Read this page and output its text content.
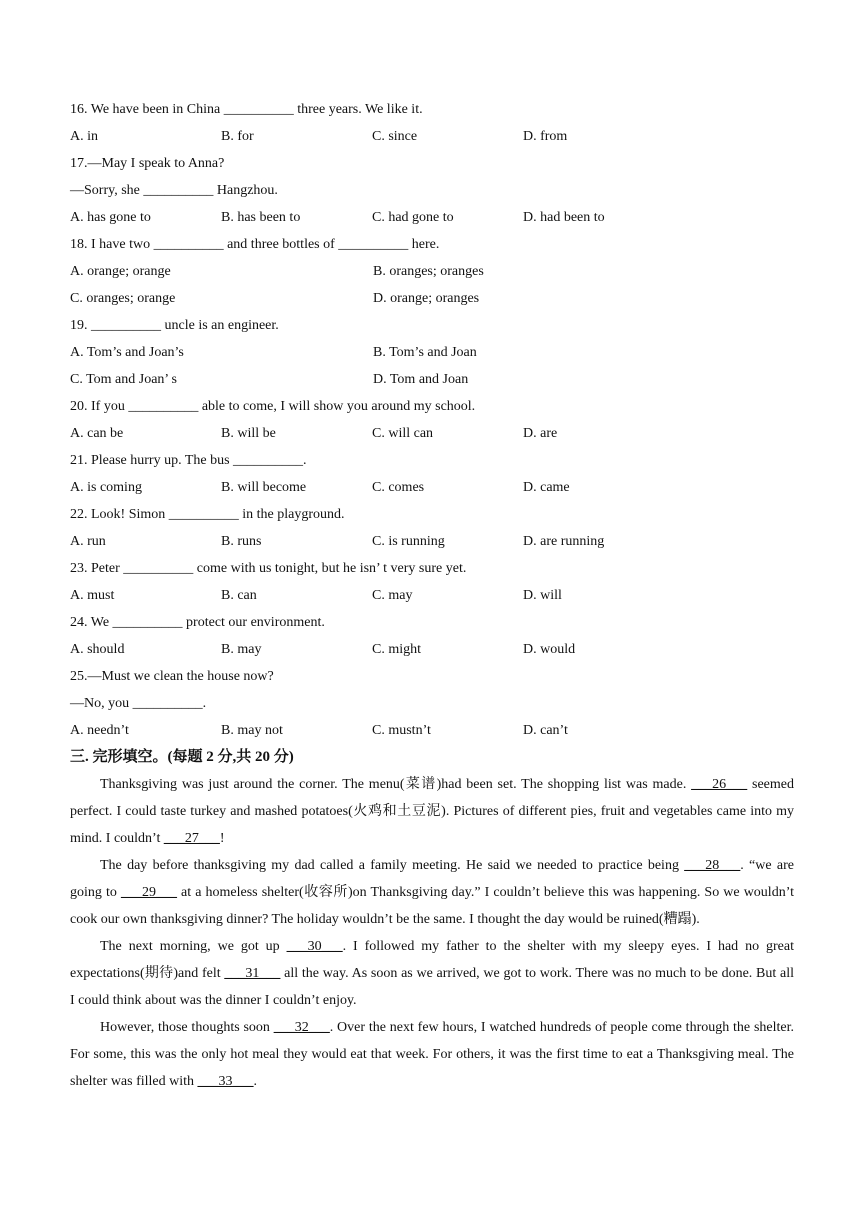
16. We have been in China __________ three years. We like it.
A. in	B. for	C. since	D. from
17.—May I speak to Anna?
—Sorry, she __________ Hangzhou.
A. has gone to	B. has been to	C. had gone to	D. had been to
18. I have two __________ and three bottles of __________ here.
A. orange; orange	B. oranges; oranges
C. oranges; orange	D. orange; oranges
19. __________ uncle is an engineer.
A. Tom’s and Joan’s	B. Tom’s and Joan
C. Tom and Joan’ s	D. Tom and Joan
20. If you __________ able to come, I will show you around my school.
A. can be	B. will be	C. will can	D. are
21. Please hurry up. The bus __________.
A. is coming	B. will become	C. comes	D. came
22. Look! Simon __________ in the playground.
A. run	B. runs	C. is running	D. are running
23. Peter __________ come with us tonight, but he isn’ t very sure yet.
A. must	B. can	C. may	D. will
24. We __________ protect our environment.
A. should	B. may	C. might	D. would
25.—Must we clean the house now?
—No, you __________.
A. needn’t	B. may not	C. mustn’t	D. can’t
三. 完形填空。(每题 2 分,共 20 分)

Thanksgiving was just around the corner. The menu(菜谱)had been set. The shopping list was made. ___26___ seemed perfect. I could taste turkey and mashed potatoes(火鸡和土豆泥). Pictures of different pies, fruit and vegetables came into my mind. I couldn’t ___27___!

The day before thanksgiving my dad called a family meeting. He said we needed to practice being ___28___. “we are going to ___29___ at a homeless shelter(收容所)on Thanksgiving day.” I couldn’t believe this was happening. So we wouldn’t cook our own thanksgiving dinner? The holiday wouldn’t be the same. I thought the day would be ruined(糟蹋).

The next morning, we got up ___30___. I followed my father to the shelter with my sleepy eyes. I had no great expectations(期待)and felt ___31___ all the way. As soon as we arrived, we got to work. There was no much to be done. But all I could think about was the dinner I couldn’t enjoy.

However, those thoughts soon ___32___. Over the next few hours, I watched hundreds of people come through the shelter. For some, this was the only hot meal they would eat that week. For others, it was the first time to eat a Thanksgiving meal. The shelter was filled with ___33___.
